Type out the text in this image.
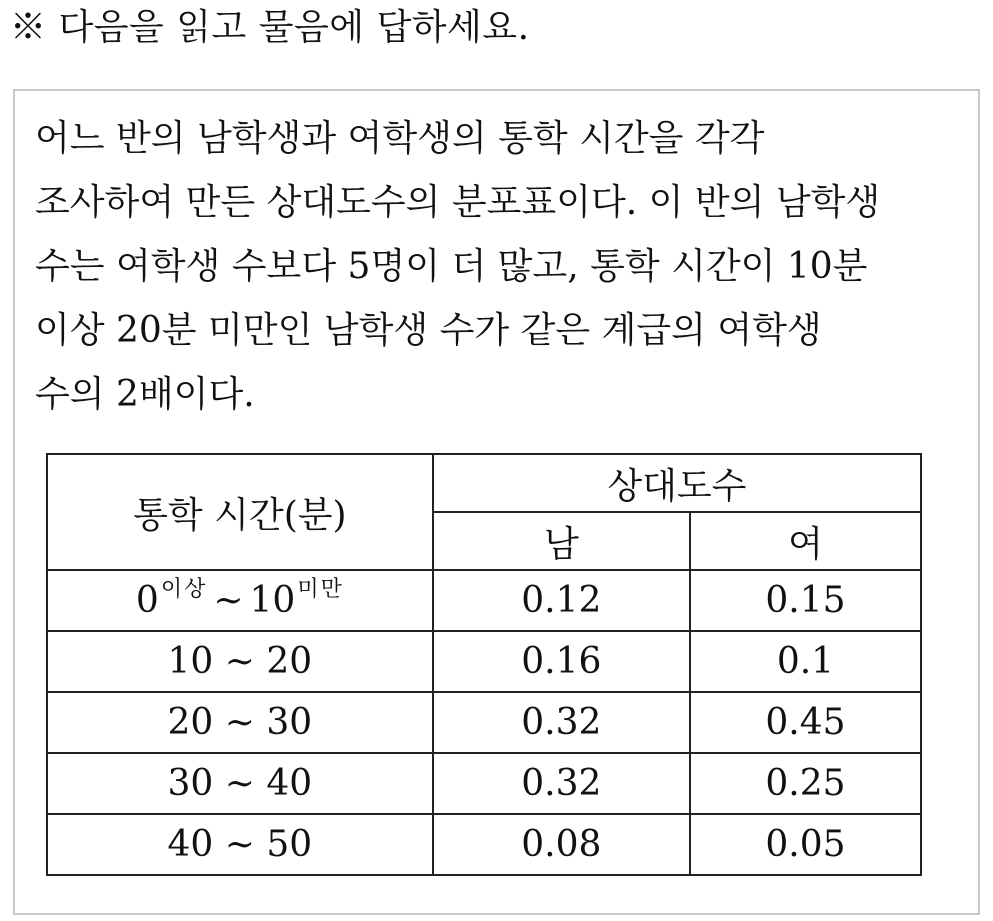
※ 다음을 읽고 물음에 답하세요.
어느 반의 남학생과 여학생의 통학 시간을 각각
조사하여 만든 상대도수의 분포표이다. 이 반의 남학생
수는 여학생 수보다 5명이 더 많고, 통학 시간이 10분
이상 20분 미만인 남학생 수가 같은 계급의 여학생
수의 2배이다.
통학 시간(분)	상대도수	
	남	여
$0^{이상}$ ∼ $10^{미만}$	0.12	0.15
10 ∼ 20	0.16	0.1
20 ∼ 30	0.32	0.45
30 ∼ 40	0.32	0.25
40 ∼ 50	0.08	0.05
